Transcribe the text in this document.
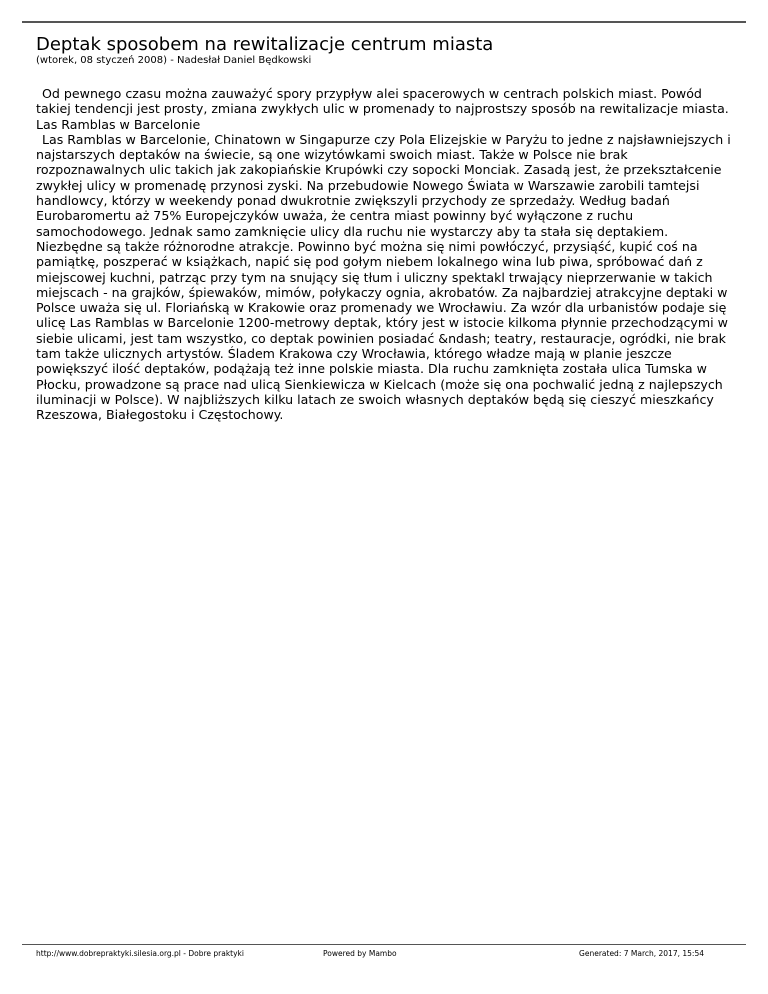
Deptak sposobem na rewitalizacje centrum miasta
(wtorek, 08 styczeń 2008) - Nadesłał Daniel Będkowski

Od pewnego czasu można zauważyć spory przypływ alei spacerowych w centrach polskich miast. Powód takiej tendencji jest prosty, zmiana zwykłych ulic w promenady to najprostszy sposób na rewitalizacje miasta. Las Ramblas w Barcelonie

Las Ramblas w Barcelonie, Chinatown w Singapurze czy Pola Elizejskie w Paryżu to jedne z najsławniejszych i najstarszych deptaków na świecie, są one wizytówkami swoich miast. Także w Polsce nie brak rozpoznawalnych ulic takich jak zakopiańskie Krupówki czy sopocki Monciak. Zasadą jest, że przekształcenie zwykłej ulicy w promenadę przynosi zyski. Na przebudowie Nowego Świata w Warszawie zarobili tamtejsi handlowcy, którzy w weekendy ponad dwukrotnie zwiększyli przychody ze sprzedaży. Według badań Eurobaromertu aż 75% Europejczyków uważa, że centra miast powinny być wyłączone z ruchu samochodowego. Jednak samo zamknięcie ulicy dla ruchu nie wystarczy aby ta stała się deptakiem. Niezbędne są także różnorodne atrakcje. Powinno być można się nimi powłóczyć, przysiąść, kupić coś na pamiątkę, poszperać w książkach, napić się pod gołym niebem lokalnego wina lub piwa, spróbować dań z miejscowej kuchni, patrząc przy tym na snujący się tłum i uliczny spektakl trwający nieprzerwanie w takich miejscach - na grajków, śpiewaków, mimów, połykaczy ognia, akrobatów. Za najbardziej atrakcyjne deptaki w Polsce uważa się ul. Floriańską w Krakowie oraz promenady we Wrocławiu. Za wzór dla urbanistów podaje się ulicę Las Ramblas w Barcelonie 1200-metrowy deptak, który jest w istocie kilkoma płynnie przechodzącymi w siebie ulicami, jest tam wszystko, co deptak powinien posiadać &ndash; teatry, restauracje, ogródki, nie brak tam także ulicznych artystów. Śladem Krakowa czy Wrocławia, którego władze mają w planie jeszcze powiększyć ilość deptaków, podążają też inne polskie miasta. Dla ruchu zamknięta została ulica Tumska w Płocku, prowadzone są prace nad ulicą Sienkiewicza w Kielcach (może się ona pochwalić jedną z najlepszych iluminacji w Polsce). W najbliższych kilku latach ze swoich własnych deptaków będą się cieszyć mieszkańcy Rzeszowa, Białegostoku i Częstochowy.

http://www.dobrepraktyki.silesia.org.pl - Dobre praktyki	Powered by Mambo	Generated: 7 March, 2017, 15:54
